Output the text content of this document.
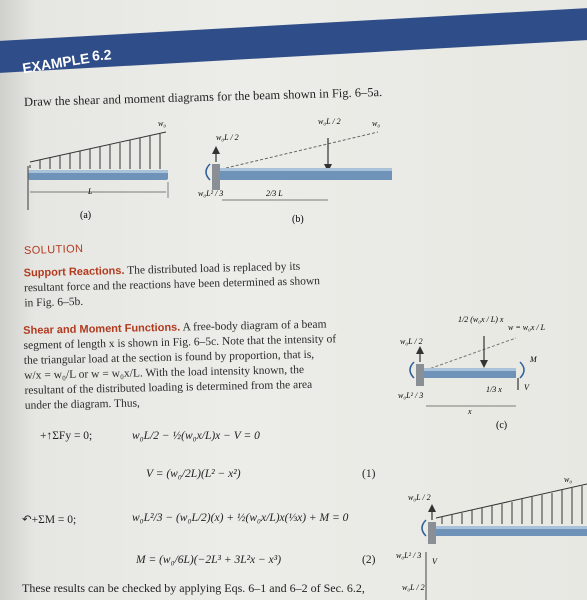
EXAMPLE 6.2
Draw the shear and moment diagrams for the beam shown in Fig. 6–5a.
L
w₀
(a)
w₀L / 2	w₀
w₀L / 2
w₀L² / 3	2/3 L
(b)
SOLUTION
Support Reactions. The distributed load is replaced by its
resultant force and the reactions have been determined as shown
in Fig. 6–5b.
Shear and Moment Functions. A free-body diagram of a beam
segment of length x is shown in Fig. 6–5c. Note that the intensity of
the triangular load at the section is found by proportion, that is,
w/x = w₀/L or w = w₀x/L. With the load intensity known, the
resultant of the distributed loading is determined from the area
under the diagram. Thus,
1/2 (w₀x / L) x
w = w₀x / L
w₀L / 2
w₀L² / 3
M
V
1/3 x
x
(c)
+↑ΣFy = 0;	w₀L/2 − ½(w₀x/L)x − V = 0
V = (w₀/2L)(L² − x²)	(1)
↶+ΣM = 0;	w₀L²/3 − (w₀L/2)(x) + ½(w₀x/L)x(⅓x) + M = 0
M = (w₀/6L)(−2L³ + 3L²x − x³)	(2)
w₀
w₀L / 2
w₀L² / 3
V
w₀L / 2
These results can be checked by applying Eqs. 6–1 and 6–2 of Sec. 6.2,
